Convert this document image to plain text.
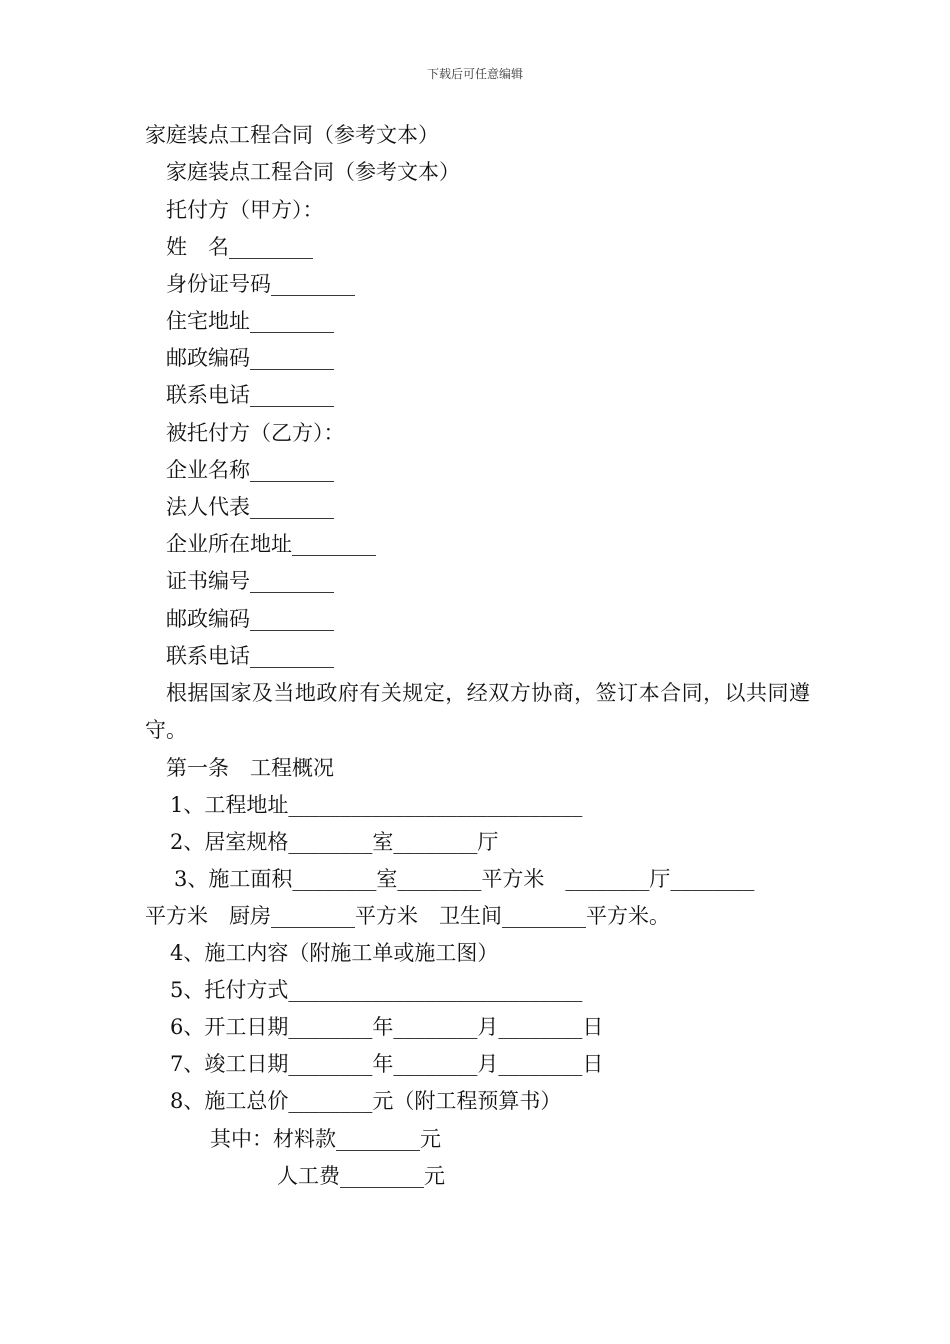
下载后可任意编辑
家庭装点工程合同（参考文本）
家庭装点工程合同（参考文本）
托付方（甲方）：
姓　名________
身份证号码________
住宅地址________
邮政编码________
联系电话________
被托付方（乙方）：
企业名称________
法人代表________
企业所在地址________
证书编号________
邮政编码________
联系电话________
根据国家及当地政府有关规定，经双方协商，签订本合同，以共同遵守。
第一条　工程概况
1、工程地址____________________________
2、居室规格________室________厅
3、施工面积________室________平方米　________厅________
平方米　厨房________平方米　卫生间________平方米。
4、施工内容（附施工单或施工图）
5、托付方式____________________________
6、开工日期________年________月________日
7、竣工日期________年________月________日
8、施工总价________元（附工程预算书）
其中：材料款________元
人工费________元
